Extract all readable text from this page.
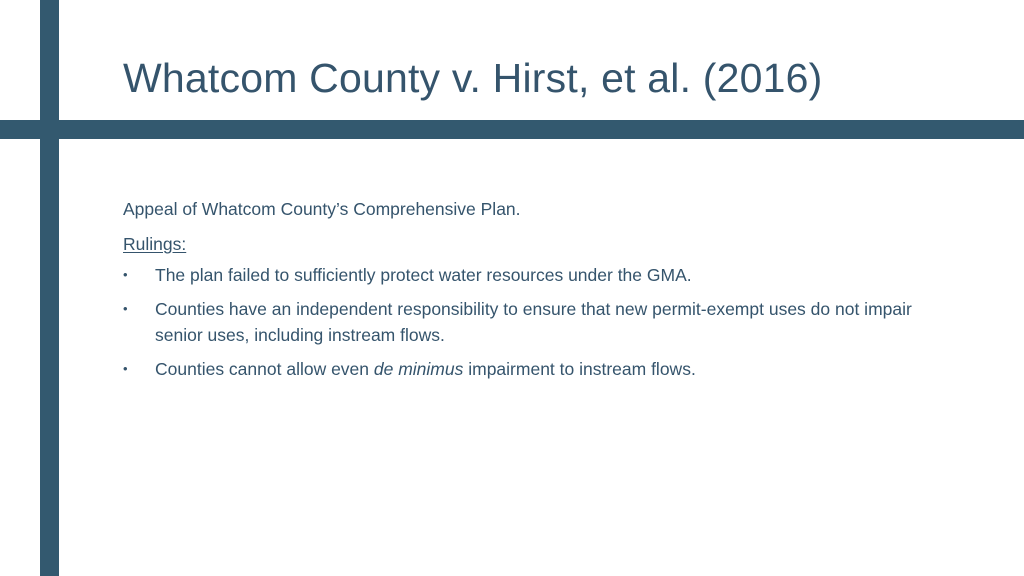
Whatcom County v. Hirst, et al. (2016)

Appeal of Whatcom County’s Comprehensive Plan.

Rulings:

• The plan failed to sufficiently protect water resources under the GMA.
• Counties have an independent responsibility to ensure that new permit-exempt uses do not impair senior uses, including instream flows.
• Counties cannot allow even de minimus impairment to instream flows.
